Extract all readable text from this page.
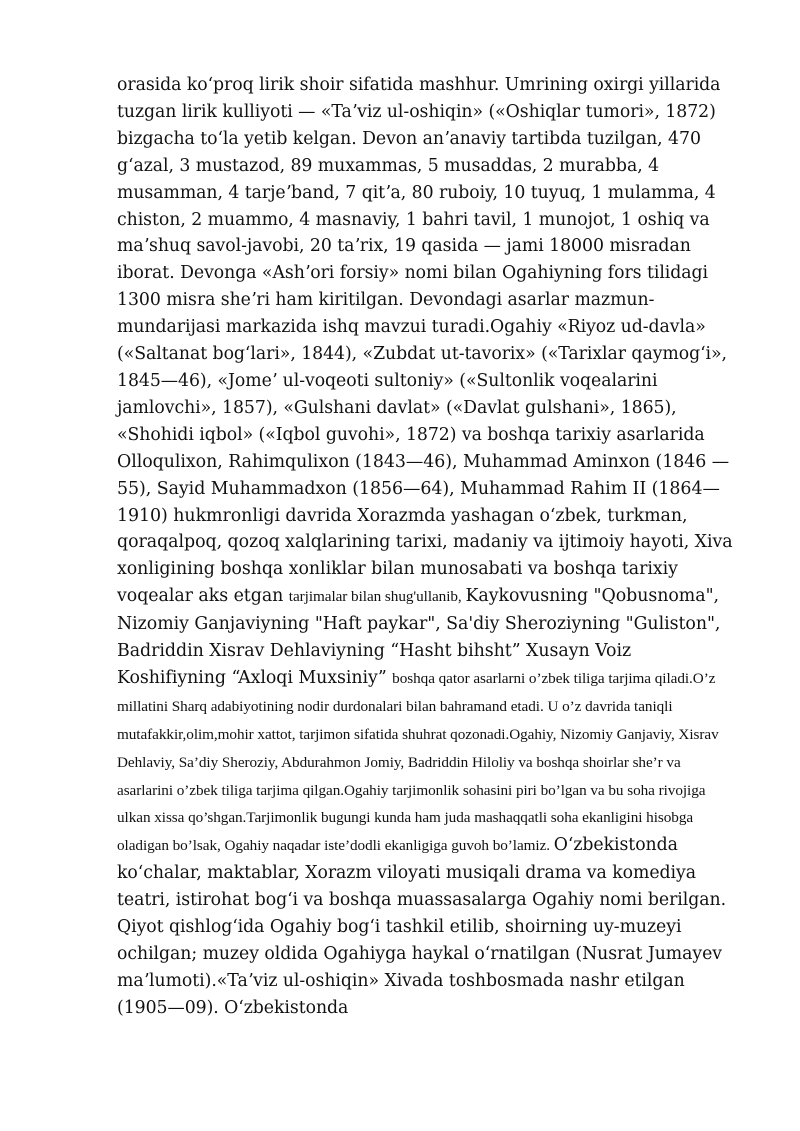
orasida koʻproq lirik shoir sifatida mashhur. Umrining oxirgi yillarida tuzgan lirik kulliyoti — «Taʼviz ul-oshiqin» («Oshiqlar tumori», 1872) bizgacha toʻla yetib kelgan. Devon anʼanaviy tartibda tuzilgan, 470 gʻazal, 3 mustazod, 89 muxammas, 5 musaddas, 2 murabba, 4 musamman, 4 tarjeʼband, 7 qitʼa, 80 ruboiy, 10 tuyuq, 1 mulamma, 4 chiston, 2 muammo, 4 masnaviy, 1 bahri tavil, 1 munojot, 1 oshiq va maʼshuq savol-javobi, 20 taʼrix, 19 qasida — jami 18000 misradan iborat. Devonga «Ashʼori forsiy» nomi bilan Ogahiyning fors tilidagi 1300 misra sheʼri ham kiritilgan. Devondagi asarlar mazmun-mundarijasi markazida ishq mavzui turadi.Ogahiy «Riyoz ud-davla» («Saltanat bogʻlari», 1844), «Zubdat ut-tavorix» («Tarixlar qaymogʻi», 1845—46), «Jomeʼ ul-voqeoti sultoniy» («Sultonlik voqealarini jamlovchi», 1857), «Gulshani davlat» («Davlat gulshani», 1865), «Shohidi iqbol» («Iqbol guvohi», 1872) va boshqa tarixiy asarlarida Olloqulixon, Rahimqulixon (1843—46), Muhammad Aminxon (1846 —55), Sayid Muhammadxon (1856—64), Muhammad Rahim II (1864—1910) hukmronligi davrida Xorazmda yashagan oʻzbek, turkman, qoraqalpoq, qozoq xalqlarining tarixi, madaniy va ijtimoiy hayoti, Xiva xonligining boshqa xonliklar bilan munosabati va boshqa tarixiy voqealar aks etgan tarjimalar bilan shug'ullanib, Kaykovusning "Qobusnoma", Nizomiy Ganjaviyning "Haft paykar", Sa'diy Sheroziyning "Guliston", Badriddin Xisrav Dehlaviyning “Hasht bihsht” Xusayn Voiz Koshifiyning “Axloqi Muxsiniy” boshqa qator asarlarni o’zbek tiliga tarjima qiladi.O’z millatini Sharq adabiyotining nodir durdonalari bilan bahramand etadi. U o’z davrida taniqli mutafakkir,olim,mohir xattot, tarjimon sifatida shuhrat qozonadi.Ogahiy, Nizomiy Ganjaviy, Xisrav Dehlaviy, Sa’diy Sheroziy, Abdurahmon Jomiy, Badriddin Hiloliy va boshqa shoirlar she’r va asarlarini o’zbek tiliga tarjima qilgan.Ogahiy tarjimonlik sohasini piri bo’lgan va bu soha rivojiga ulkan xissa qo’shgan.Tarjimonlik bugungi kunda ham juda mashaqqatli soha ekanligini hisobga oladigan bo’lsak, Ogahiy naqadar iste’dodli ekanligiga guvoh bo’lamiz. Oʻzbekistonda koʻchalar, maktablar, Xorazm viloyati musiqali drama va komediya teatri, istirohat bogʻi va boshqa muassasalarga Ogahiy nomi berilgan. Qiyot qishlogʻida Ogahiy bogʻi tashkil etilib, shoirning uy-muzeyi ochilgan; muzey oldida Ogahiyga haykal oʻrnatilgan (Nusrat Jumayev maʼlumoti).«Taʼviz ul-oshiqin» Xivada toshbosmada nashr etilgan (1905—09). Oʻzbekistonda
